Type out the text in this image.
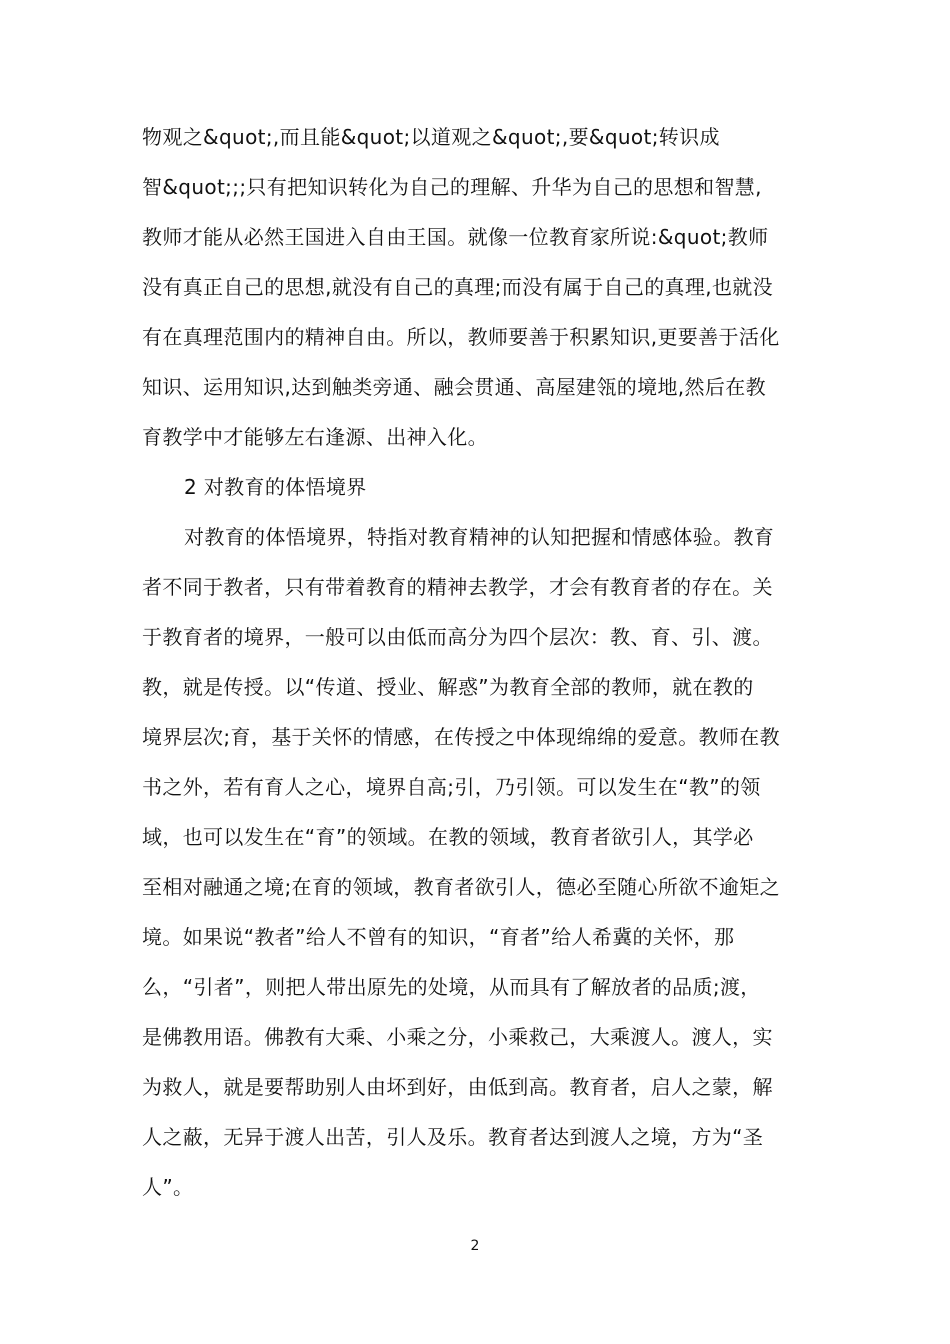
物观之&quot;,而且能&quot;以道观之&quot;,要&quot;转识成
智&quot;;;只有把知识转化为自己的理解、升华为自己的思想和智慧,
教师才能从必然王国进入自由王国。就像一位教育家所说:&quot;教师
没有真正自己的思想,就没有自己的真理;而没有属于自己的真理,也就没
有在真理范围内的精神自由。所以，教师要善于积累知识,更要善于活化
知识、运用知识,达到触类旁通、融会贯通、高屋建瓴的境地,然后在教
育教学中才能够左右逢源、出神入化。
2 对教育的体悟境界
对教育的体悟境界，特指对教育精神的认知把握和情感体验。教育
者不同于教者，只有带着教育的精神去教学，才会有教育者的存在。关
于教育者的境界，一般可以由低而高分为四个层次：教、育、引、渡。
教，就是传授。以“传道、授业、解惑”为教育全部的教师，就在教的
境界层次;育，基于关怀的情感，在传授之中体现绵绵的爱意。教师在教
书之外，若有育人之心，境界自高;引，乃引领。可以发生在“教”的领
域，也可以发生在“育”的领域。在教的领域，教育者欲引人，其学必
至相对融通之境;在育的领域，教育者欲引人，德必至随心所欲不逾矩之
境。如果说“教者”给人不曾有的知识，“育者”给人希冀的关怀，那
么，“引者”，则把人带出原先的处境，从而具有了解放者的品质;渡，
是佛教用语。佛教有大乘、小乘之分，小乘救己，大乘渡人。渡人，实
为救人，就是要帮助别人由坏到好，由低到高。教育者，启人之蒙，解
人之蔽，无异于渡人出苦，引人及乐。教育者达到渡人之境，方为“圣
人”。
2
